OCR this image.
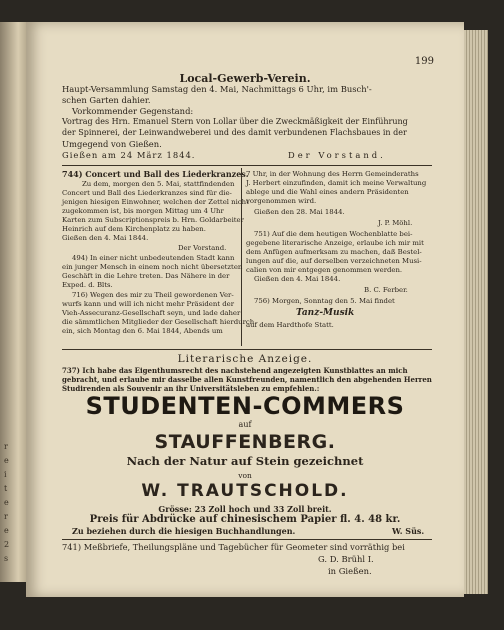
r
e
i
t
e
r
e
2
s
199
Local-Gewerb-Verein.
Haupt-Versammlung Samstag den 4. Mai, Nachmittags 6 Uhr, im Busch'-
schen Garten dahier.
Vorkommender Gegenstand:
Vortrag des Hrn. Emanuel Stern von Lollar über die Zweckmäßigkeit der Einführung
der Spinnerei, der Leinwandweberei und des damit verbundenen Flachsbaues in der
Umgegend von Gießen.
Gießen am 24 März 1844.	Der Vorstand.
744) Concert und Ball des Liederkranzes.
Zu dem, morgen den 5. Mai, stattfindenden
Concert und Ball des Liederkranzes sind für die-
jenigen hiesigen Einwohner, welchen der Zettel nicht
zugekommen ist, bis morgen Mittag um 4 Uhr
Karten zum Subscriptionspreis b. Hrn. Goldarbeiter
Heinrich auf dem Kirchenplatz zu haben.
Gießen den 4. Mai 1844.
Der Vorstand.
494) In einer nicht unbedeutenden Stadt kann
ein junger Mensch in einem noch nicht übersetzten
Geschäft in die Lehre treten. Das Nähere in der
Exped. d. Blts.
716) Wegen des mir zu Theil gewordenen Ver-
wurfs kann und will ich nicht mehr Präsident der
Vieh-Assecuranz-Gesellschaft seyn, und lade daher
die sämmtlichen Mitglieder der Gesellschaft hierdurch
ein, sich Montag den 6. Mai 1844, Abends um
7 Uhr, in der Wohnung des Herrn Gemeinderaths
J. Herbert einzufinden, damit ich meine Verwaltung
ablege und die Wahl eines andern Präsidenten
vorgenommen wird.
Gießen den 28. Mai 1844.
J. P. Möhl.
751) Auf die dem heutigen Wochenblatte bei-
gegebene literarische Anzeige, erlaube ich mir mit
dem Anfügen aufmerksam zu machen, daß Bestel-
lungen auf die, auf derselben verzeichneten Musi-
calien von mir entgegen genommen werden.
Gießen den 4. Mai 1844.
B. C. Ferber.
756) Morgen, Sonntag den 5. Mai findet
Tanz-Musik
auf dem Hardthofe Statt.
Literarische Anzeige.
737) Ich habe das Eigenthumsrecht des nachstehend angezeigten Kunstblattes an mich
gebracht, und erlaube mir dasselbe allen Kunstfreunden, namentlich den abgehenden Herren
Studirenden als Souvenir an ihr Universitätsleben zu empfehlen.:
STUDENTEN-COMMERS
auf
STAUFFENBERG.
Nach der Natur auf Stein gezeichnet
von
W. TRAUTSCHOLD.
Grösse: 23 Zoll hoch und 33 Zoll breit.
Preis für Abdrücke auf chinesischem Papier fl. 4. 48 kr.
Zu beziehen durch die hiesigen Buchhandlungen.	W. Süs.
741) Meßbriefe, Theilungspläne und Tagebücher für Geometer sind vorräthig bei
G. D. Brühl I.
in Gießen.
